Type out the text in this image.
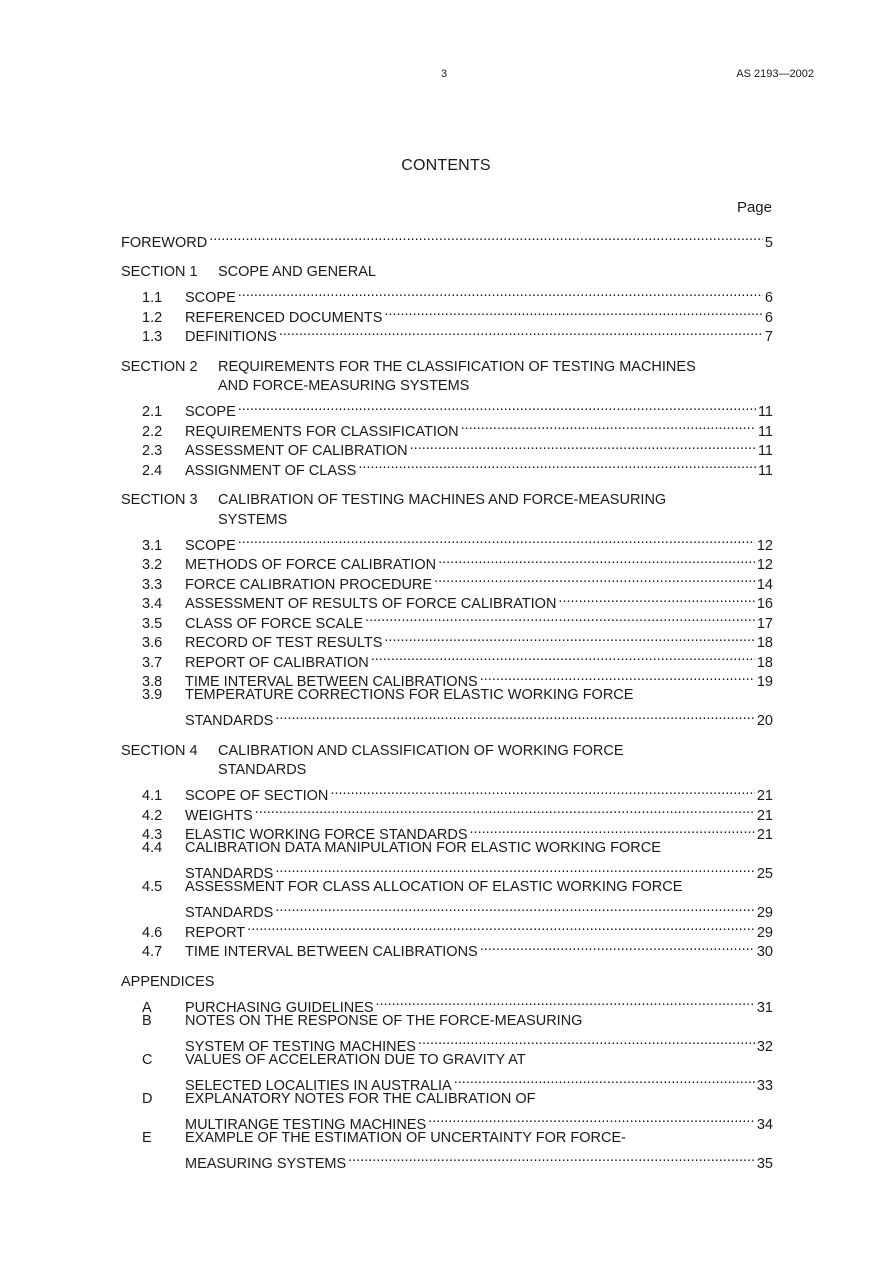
3	AS 2193—2002
CONTENTS
Page
FOREWORD .....	5
SECTION 1	SCOPE AND GENERAL
1.1	SCOPE .....	6
1.2	REFERENCED DOCUMENTS .....	6
1.3	DEFINITIONS .....	7
SECTION 2	REQUIREMENTS FOR THE CLASSIFICATION OF TESTING MACHINES
AND FORCE-MEASURING SYSTEMS
2.1	SCOPE .....	11
2.2	REQUIREMENTS FOR CLASSIFICATION .....	11
2.3	ASSESSMENT OF CALIBRATION .....	11
2.4	ASSIGNMENT OF CLASS .....	11
SECTION 3	CALIBRATION OF TESTING MACHINES AND FORCE-MEASURING
SYSTEMS
3.1	SCOPE .....	12
3.2	METHODS OF FORCE CALIBRATION .....	12
3.3	FORCE CALIBRATION PROCEDURE .....	14
3.4	ASSESSMENT OF RESULTS OF FORCE CALIBRATION .....	16
3.5	CLASS OF FORCE SCALE .....	17
3.6	RECORD OF TEST RESULTS .....	18
3.7	REPORT OF CALIBRATION .....	18
3.8	TIME INTERVAL BETWEEN CALIBRATIONS .....	19
3.9	TEMPERATURE CORRECTIONS FOR ELASTIC WORKING FORCE
STANDARDS .....	20
SECTION 4	CALIBRATION AND CLASSIFICATION OF WORKING FORCE
STANDARDS
4.1	SCOPE OF SECTION .....	21
4.2	WEIGHTS .....	21
4.3	ELASTIC WORKING FORCE STANDARDS .....	21
4.4	CALIBRATION DATA MANIPULATION FOR ELASTIC WORKING FORCE
STANDARDS .....	25
4.5	ASSESSMENT FOR CLASS ALLOCATION OF ELASTIC WORKING FORCE
STANDARDS .....	29
4.6	REPORT .....	29
4.7	TIME INTERVAL BETWEEN CALIBRATIONS .....	30
APPENDICES
A	PURCHASING GUIDELINES .....	31
B	NOTES ON THE RESPONSE OF THE FORCE-MEASURING
SYSTEM OF TESTING MACHINES .....	32
C	VALUES OF ACCELERATION DUE TO GRAVITY AT
SELECTED LOCALITIES IN AUSTRALIA .....	33
D	EXPLANATORY NOTES FOR THE CALIBRATION OF
MULTIRANGE TESTING MACHINES .....	34
E	EXAMPLE OF THE ESTIMATION OF UNCERTAINTY FOR FORCE-
MEASURING SYSTEMS .....	35
